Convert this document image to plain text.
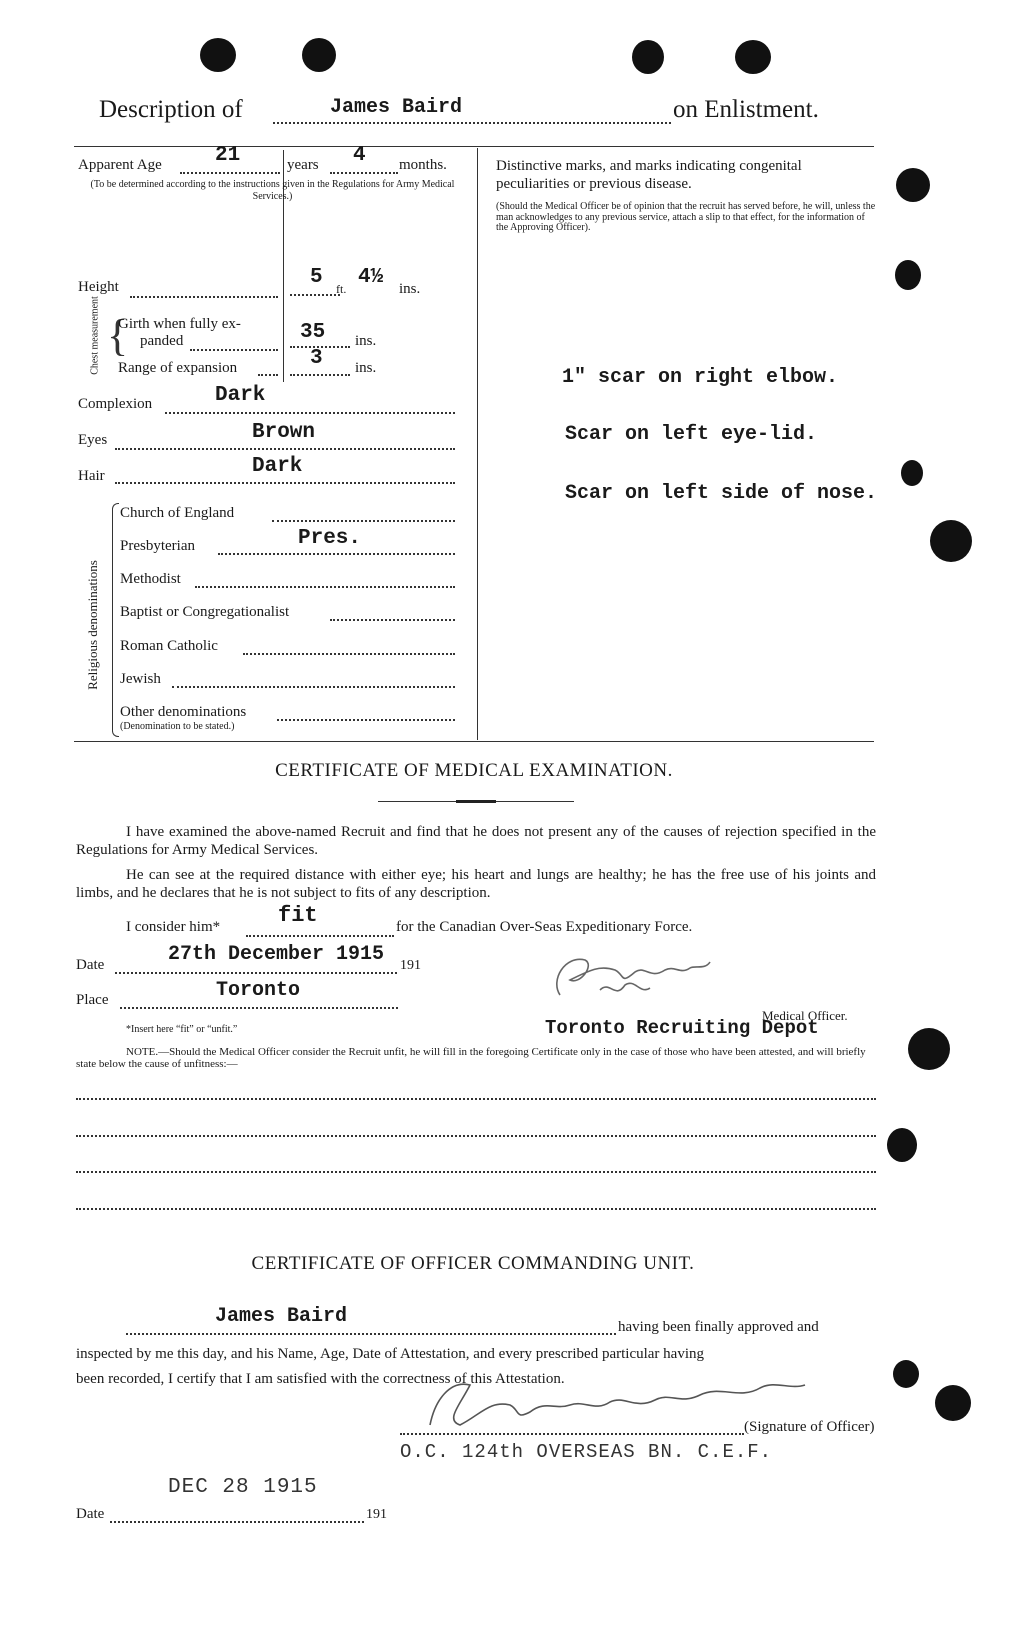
Description of	James Baird	on Enlistment.
Apparent Age	21	years 4 months.
(To be determined according to the instructions given in the Regulations for Army Medical Services.)
Height	5 ft. 4½ ins.
Chest measurement {
Girth when fully ex-
panded	35 ins.
Range of expansion	3 ins.
Complexion	Dark
Eyes	Brown
Hair	Dark
Religious denominations
Church of England
Presbyterian	Pres.
Methodist
Baptist or Congregationalist
Roman Catholic
Jewish
Other denominations
(Denomination to be stated.)
Distinctive marks, and marks indicating congenital peculiarities or previous disease.
(Should the Medical Officer be of opinion that the recruit has served before, he will, unless the man acknowledges to any previous service, attach a slip to that effect, for the information of the Approving Officer).
1" scar on right elbow.
Scar on left eye-lid.
Scar on left side of nose.
CERTIFICATE OF MEDICAL EXAMINATION.
I have examined the above-named Recruit and find that he does not present any of the causes of rejection specified in the Regulations for Army Medical Services.
He can see at the required distance with either eye; his heart and lungs are healthy; he has the free use of his joints and limbs, and he declares that he is not subject to fits of any description.
I consider him*	fit	for the Canadian Over-Seas Expeditionary Force.
Date	27th December 1915 191
Place	Toronto
*Insert here “fit” or “unfit.”
Medical Officer.
Toronto Recruiting Depot
NOTE.—Should the Medical Officer consider the Recruit unfit, he will fill in the foregoing Certificate only in the case of those who have been attested, and will briefly state below the cause of unfitness:—
CERTIFICATE OF OFFICER COMMANDING UNIT.
James Baird	having been finally approved and
inspected by me this day, and his Name, Age, Date of Attestation, and every prescribed particular having
been recorded, I certify that I am satisfied with the correctness of this Attestation.
(Signature of Officer)
O.C. 124th OVERSEAS BN. C.E.F.
DEC 28 1915
Date	191
